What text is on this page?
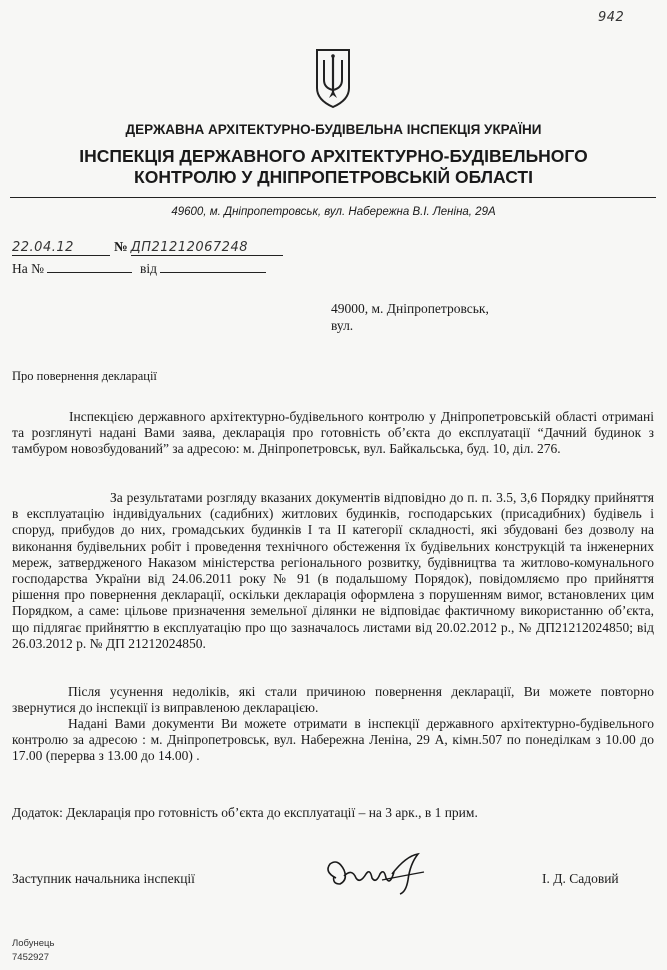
942
ДЕРЖАВНА АРХІТЕКТУРНО-БУДІВЕЛЬНА ІНСПЕКЦІЯ УКРАЇНИ
ІНСПЕКЦІЯ ДЕРЖАВНОГО АРХІТЕКТУРНО-БУДІВЕЛЬНОГО
КОНТРОЛЮ У ДНІПРОПЕТРОВСЬКІЙ ОБЛАСТІ
49600, м. Дніпропетровськ, вул. Набережна В.І. Леніна, 29А
22.04.12	№ ДП21212067248
На №	від
49000, м. Дніпропетровськ,
вул.
Про повернення декларації
Інспекцією державного архітектурно-будівельного контролю у Дніпропетровській області отримані та розглянуті надані Вами заява, декларація про готовність об’єкта до експлуатації “Дачний будинок з тамбуром новозбудований” за адресою: м. Дніпропетровськ, вул. Байкальська, буд. 10, діл. 276.
За результатами розгляду вказаних документів відповідно до п. п. 3.5, 3,6 Порядку прийняття в експлуатацію індивідуальних (садибних) житлових будинків, господарських (присадибних) будівель і споруд, прибудов до них, громадських будинків I та II категорії складності, які збудовані без дозволу на виконання будівельних робіт і проведення технічного обстеження їх будівельних конструкцій та інженерних мереж, затвердженого Наказом міністерства регіонального розвитку, будівництва та житлово-комунального господарства України від 24.06.2011 року № 91 (в подальшому Порядок), повідомляємо про прийняття рішення про повернення декларації, оскільки декларація оформлена з порушенням вимог, встановлених цим Порядком, а саме: цільове призначення земельної ділянки не відповідає фактичному використанню об’єкта, що підлягає прийняттю в експлуатацію про що зазначалось листами від 20.02.2012 р., № ДП21212024850; від 26.03.2012 р. № ДП 21212024850.
Після усунення недоліків, які стали причиною повернення декларації, Ви можете повторно звернутися до інспекції із виправленою декларацією.
Надані Вами документи Ви можете отримати в інспекції державного архітектурно-будівельного контролю за адресою : м. Дніпропетровськ, вул. Набережна Леніна, 29 А, кімн.507 по понеділкам з 10.00 до 17.00 (перерва з 13.00 до 14.00) .
Додаток: Декларація про готовність об’єкта до експлуатації – на 3 арк., в 1 прим.
Заступник начальника інспекції	І. Д. Садовий
Лобунець
7452927
